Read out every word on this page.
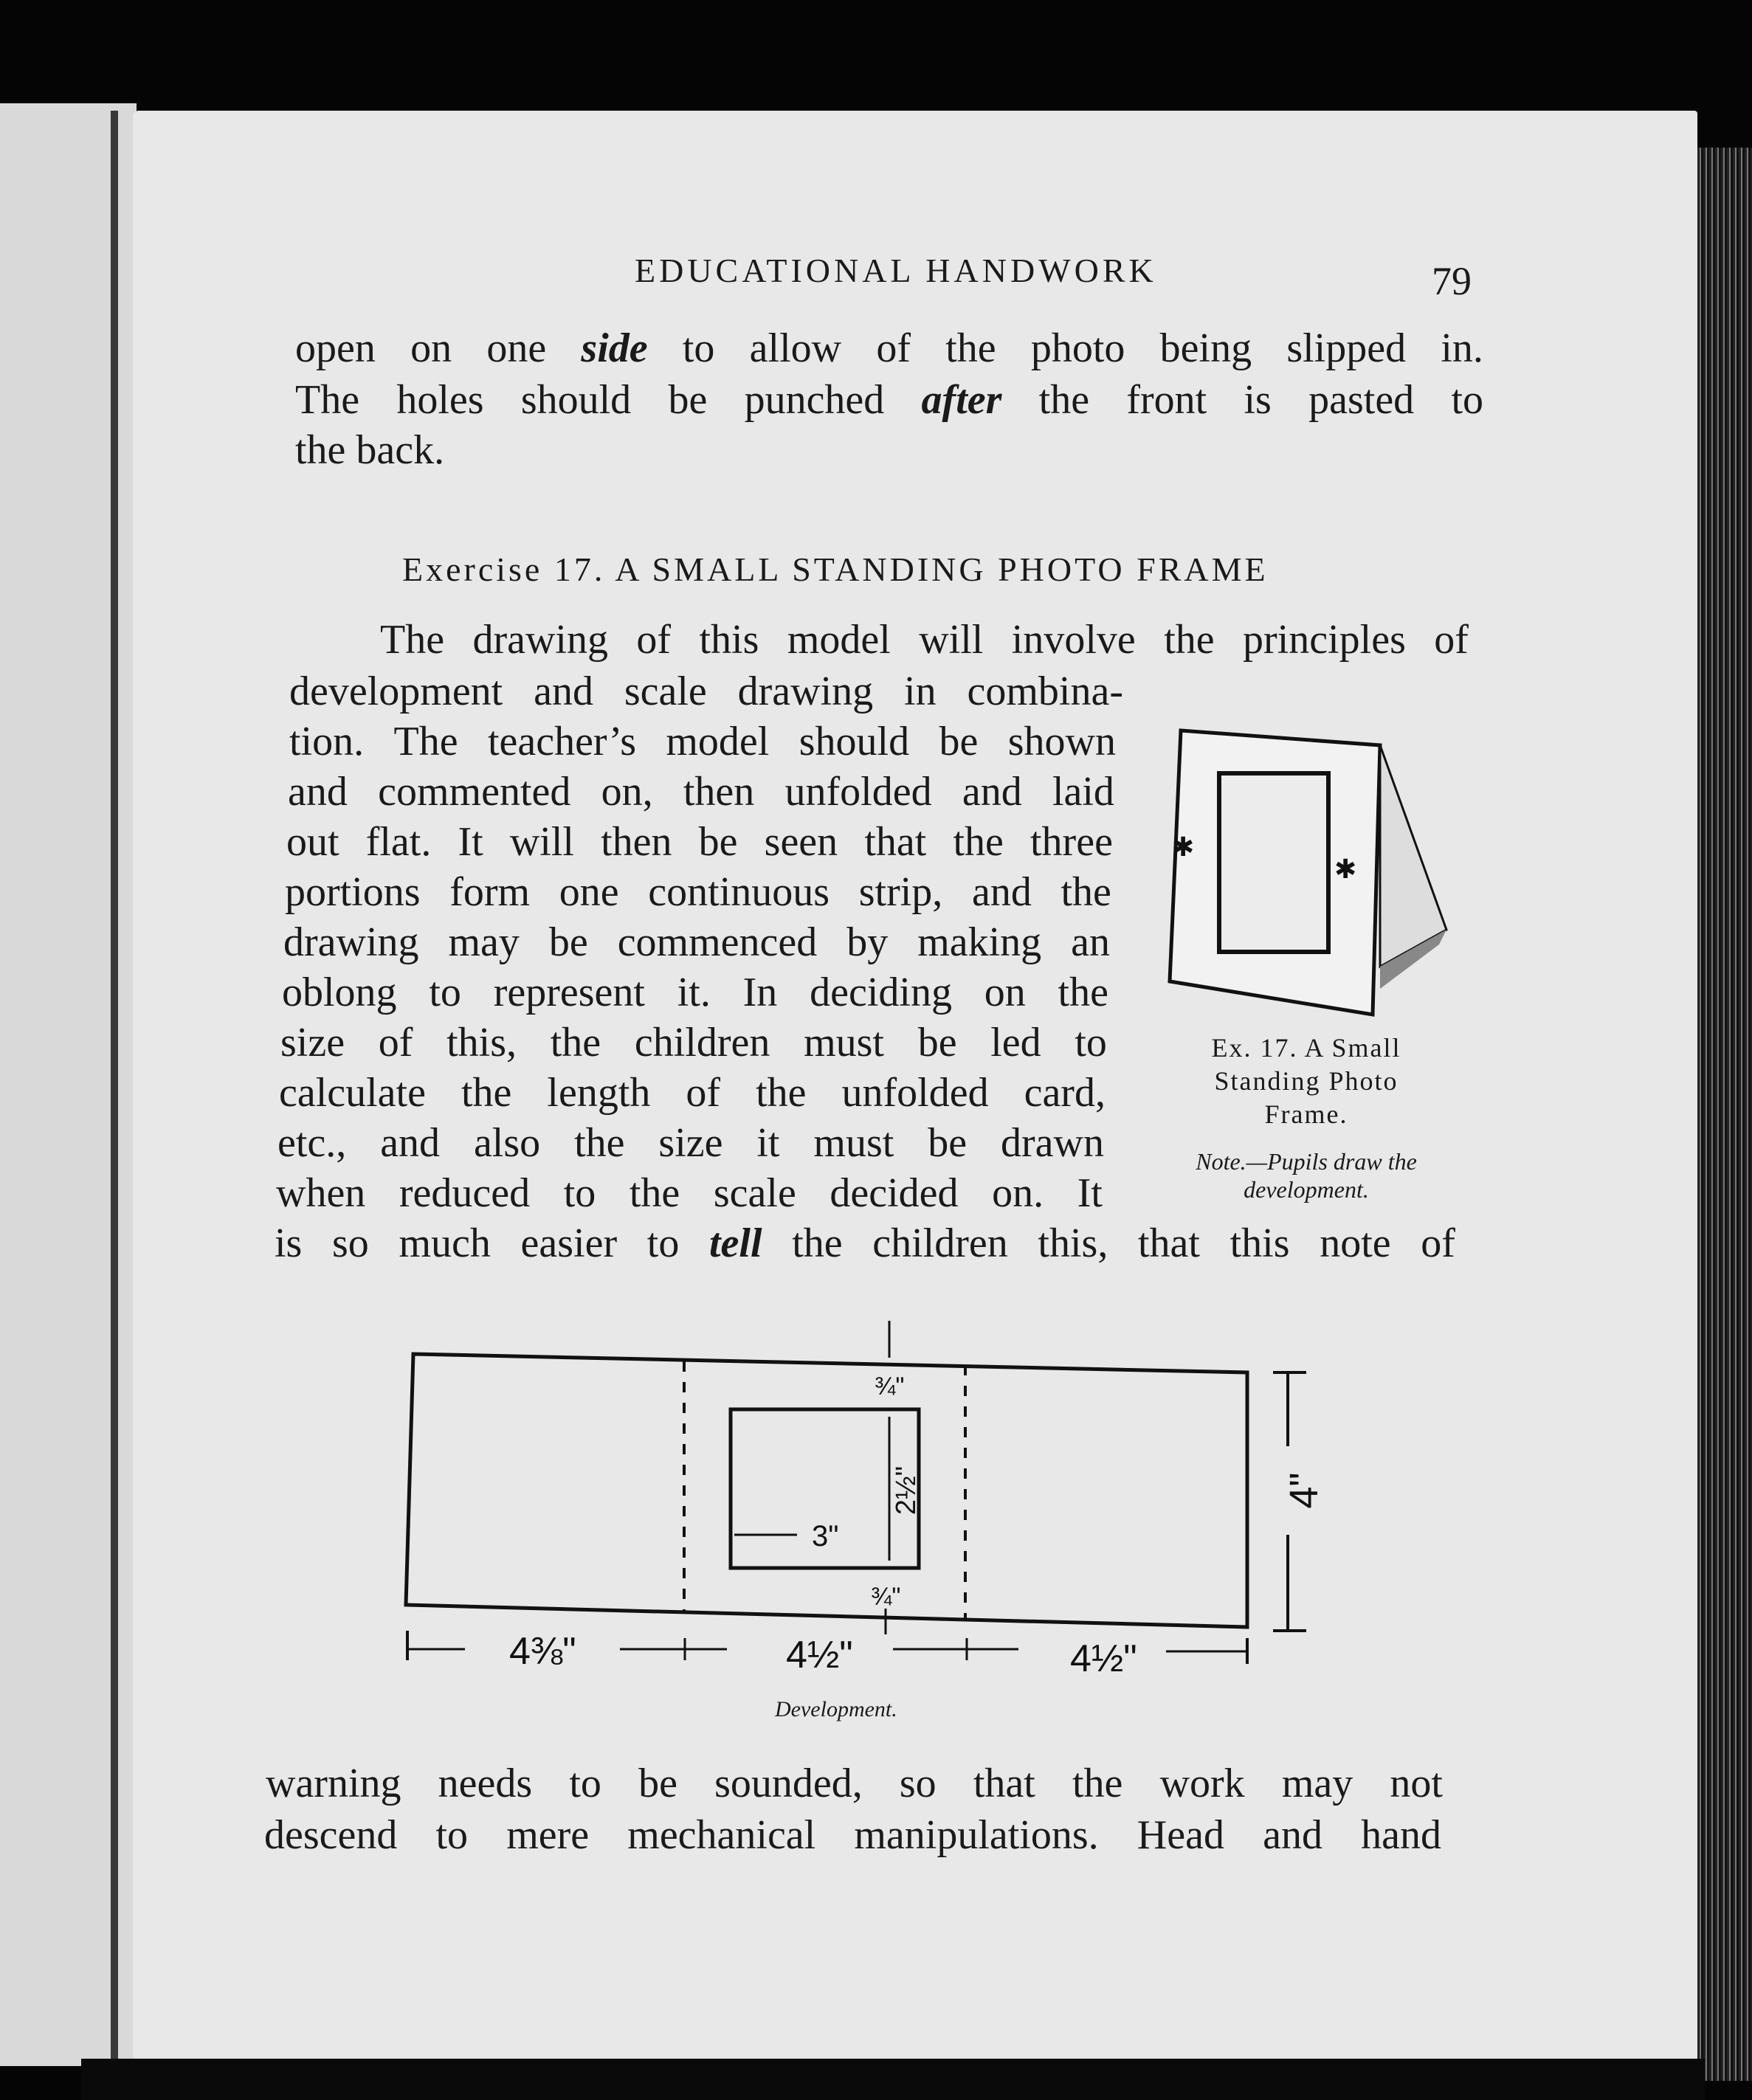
EDUCATIONAL HANDWORK	79
open on one side to allow of the photo being slipped in.
The holes should be punched after the front is pasted to
the back.
Exercise 17. A SMALL STANDING PHOTO FRAME
The drawing of this model will involve the principles of
development and scale drawing in combina-
tion. The teacher’s model should be shown
and commented on, then unfolded and laid
out flat. It will then be seen that the three
portions form one continuous strip, and the
drawing may be commenced by making an
oblong to represent it. In deciding on the
size of this, the children must be led to
calculate the length of the unfolded card,
etc., and also the size it must be drawn
when reduced to the scale decided on. It
is so much easier to tell the children this, that this note of
✱
✱
Ex. 17. A Small
Standing Photo
Frame.
Note.—Pupils draw the
development.
4⅜"	4½"	4½"
4"
3"
2½"
¾"
¾"
Development.
warning needs to be sounded, so that the work may not
descend to mere mechanical manipulations. Head and hand
